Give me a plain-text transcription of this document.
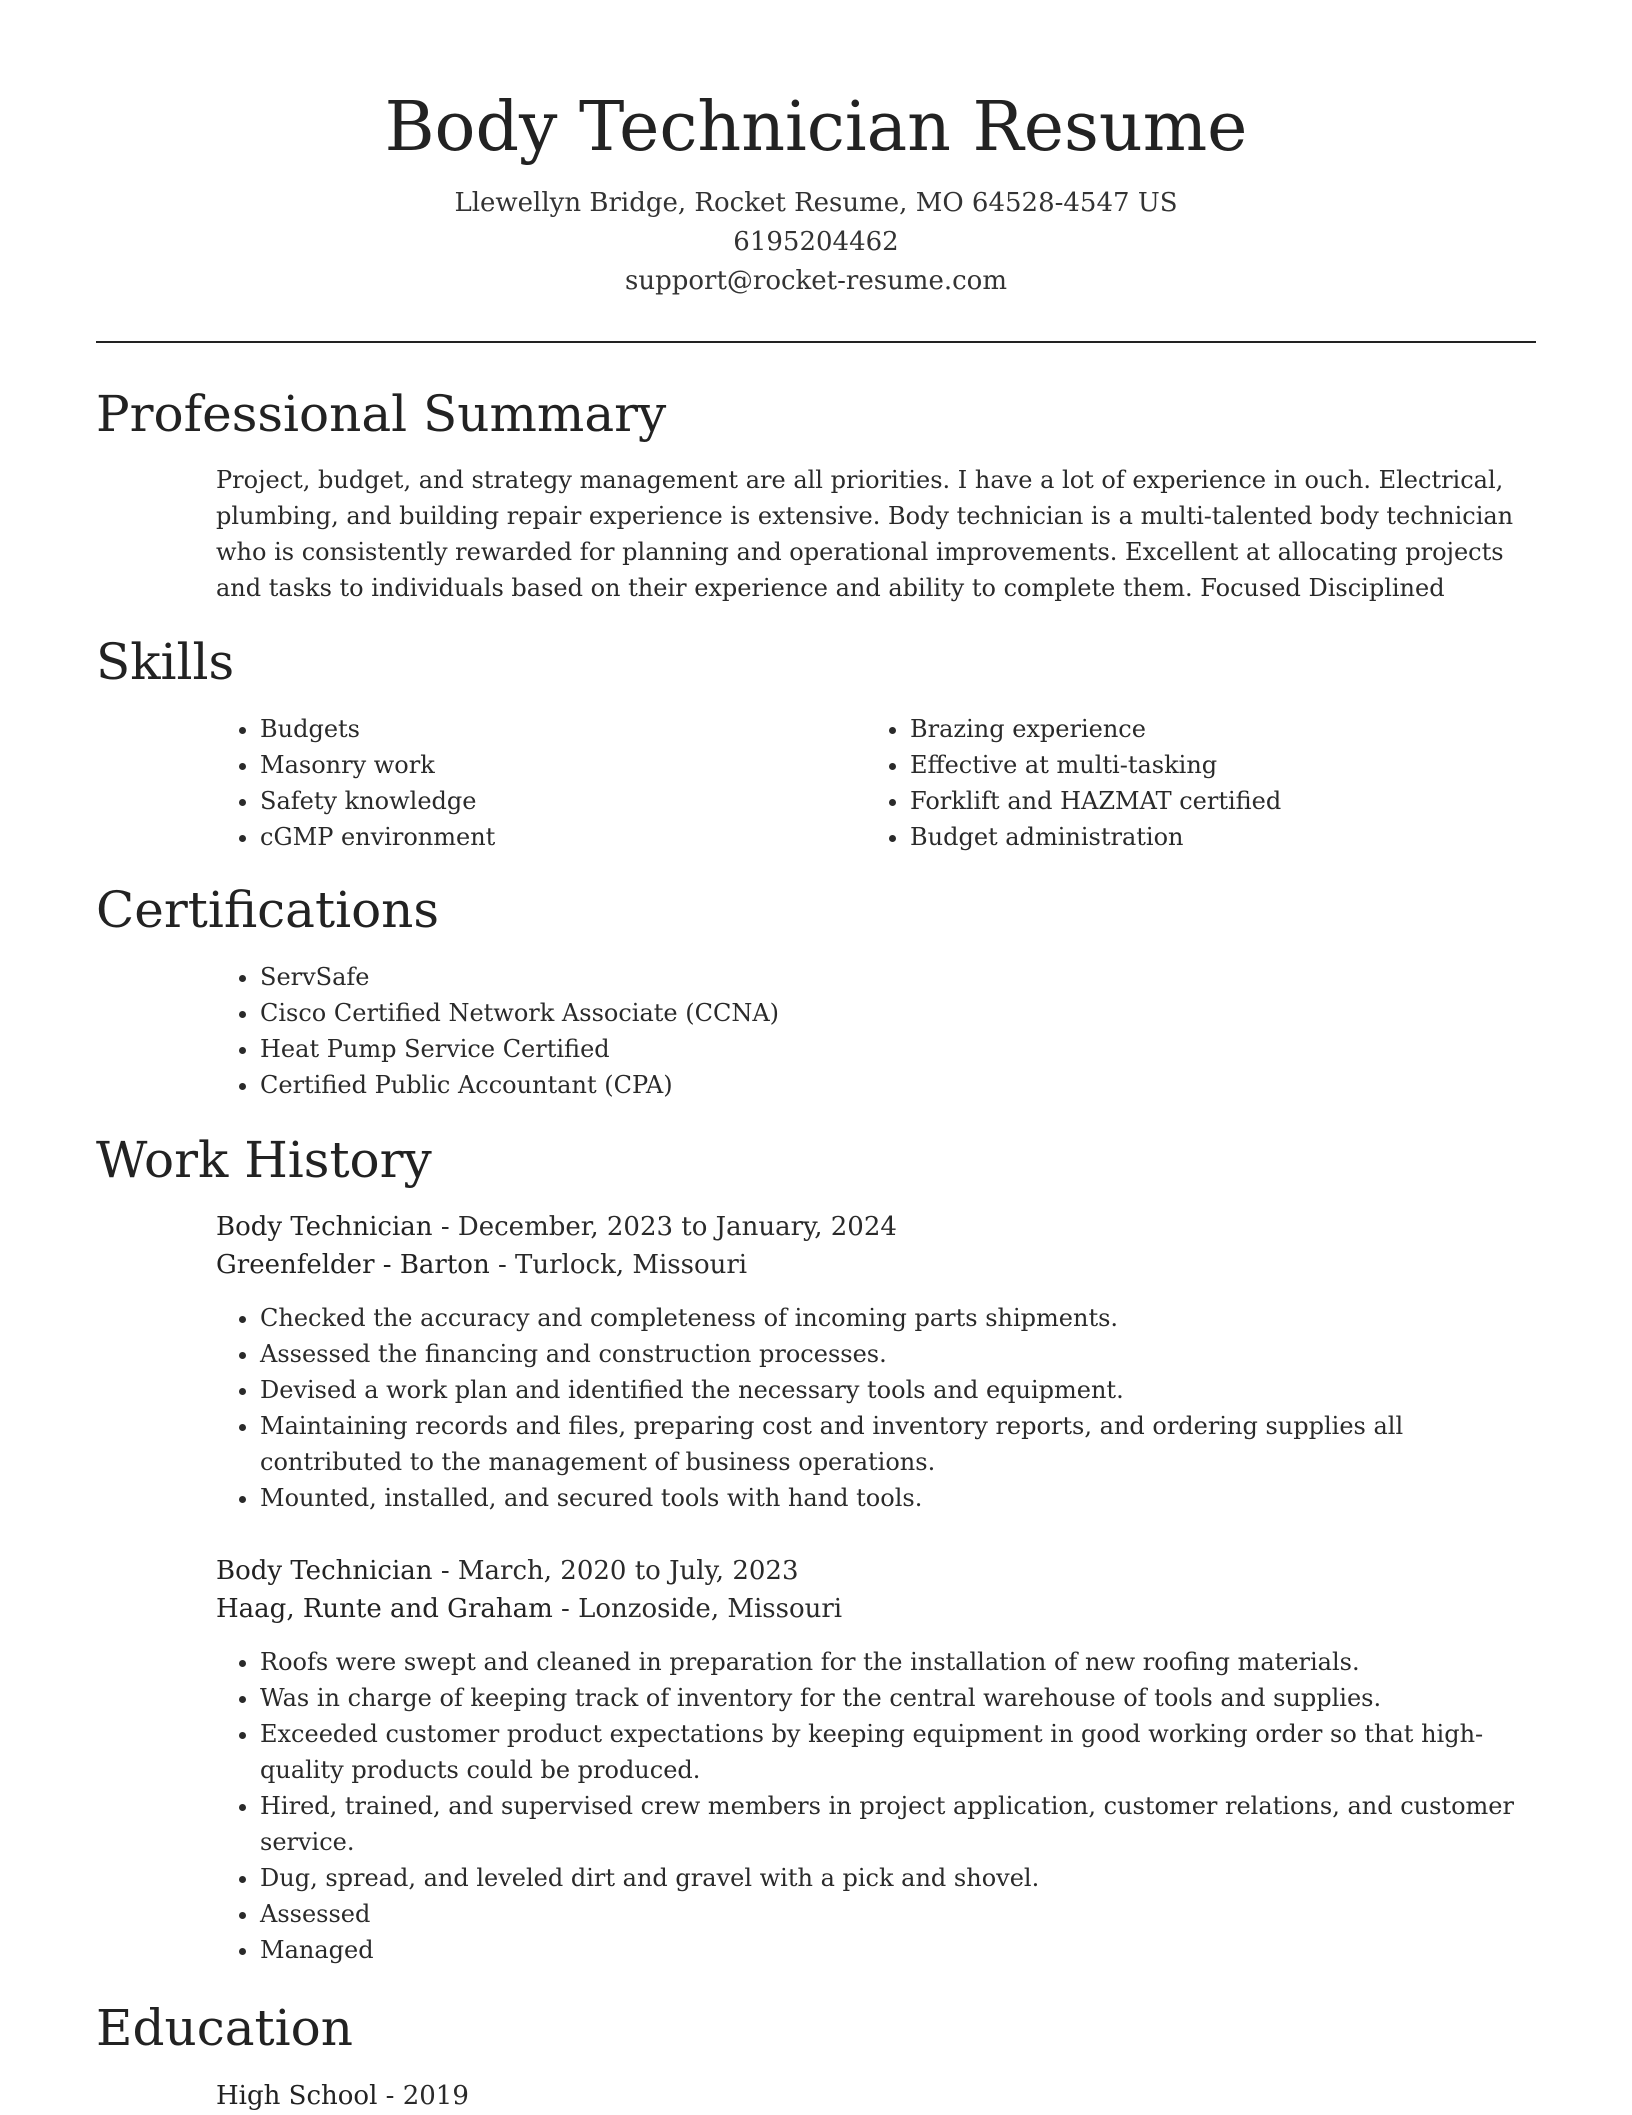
Body Technician Resume
Llewellyn Bridge, Rocket Resume, MO 64528-4547 US
6195204462
support@rocket-resume.com
Professional Summary
Project, budget, and strategy management are all priorities. I have a lot of experience in ouch. Electrical, plumbing, and building repair experience is extensive. Body technician is a multi-talented body technician who is consistently rewarded for planning and operational improvements. Excellent at allocating projects and tasks to individuals based on their experience and ability to complete them. Focused Disciplined
Skills
• Budgets
• Masonry work
• Safety knowledge
• cGMP environment
• Brazing experience
• Effective at multi-tasking
• Forklift and HAZMAT certified
• Budget administration
Certifications
• ServSafe
• Cisco Certified Network Associate (CCNA)
• Heat Pump Service Certified
• Certified Public Accountant (CPA)
Work History
Body Technician - December, 2023 to January, 2024
Greenfelder - Barton - Turlock, Missouri
• Checked the accuracy and completeness of incoming parts shipments.
• Assessed the financing and construction processes.
• Devised a work plan and identified the necessary tools and equipment.
• Maintaining records and files, preparing cost and inventory reports, and ordering supplies all contributed to the management of business operations.
• Mounted, installed, and secured tools with hand tools.
Body Technician - March, 2020 to July, 2023
Haag, Runte and Graham - Lonzoside, Missouri
• Roofs were swept and cleaned in preparation for the installation of new roofing materials.
• Was in charge of keeping track of inventory for the central warehouse of tools and supplies.
• Exceeded customer product expectations by keeping equipment in good working order so that high-quality products could be produced.
• Hired, trained, and supervised crew members in project application, customer relations, and customer service.
• Dug, spread, and leveled dirt and gravel with a pick and shovel.
• Assessed
• Managed
Education
High School - 2019
